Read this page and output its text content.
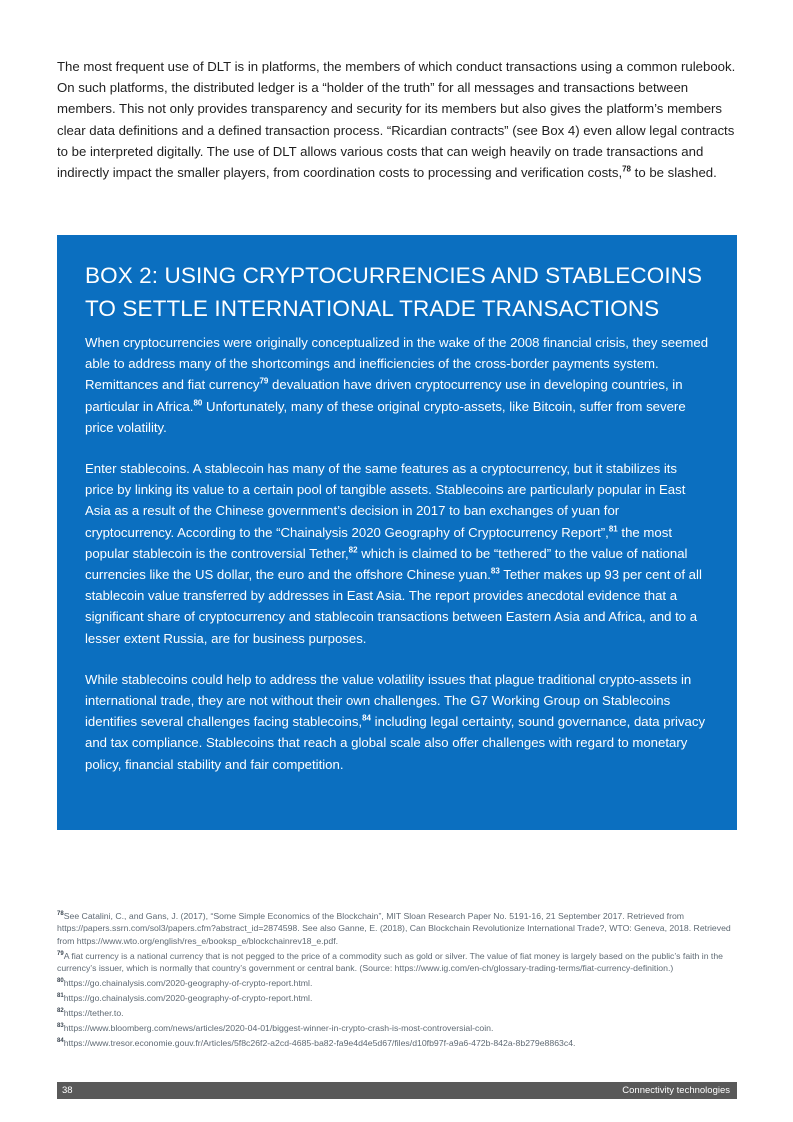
The most frequent use of DLT is in platforms, the members of which conduct transactions using a common rulebook. On such platforms, the distributed ledger is a “holder of the truth” for all messages and transactions between members. This not only provides transparency and security for its members but also gives the platform’s members clear data definitions and a defined transaction process. “Ricardian contracts” (see Box 4) even allow legal contracts to be interpreted digitally. The use of DLT allows various costs that can weigh heavily on trade transactions and indirectly impact the smaller players, from coordination costs to processing and verification costs,$^{78}$ to be slashed.

BOX 2: USING CRYPTOCURRENCIES AND STABLECOINS TO SETTLE INTERNATIONAL TRADE TRANSACTIONS

When cryptocurrencies were originally conceptualized in the wake of the 2008 financial crisis, they seemed able to address many of the shortcomings and inefficiencies of the cross-border payments system. Remittances and fiat currency$^{79}$ devaluation have driven cryptocurrency use in developing countries, in particular in Africa.$^{80}$ Unfortunately, many of these original crypto-assets, like Bitcoin, suffer from severe price volatility.

Enter stablecoins. A stablecoin has many of the same features as a cryptocurrency, but it stabilizes its price by linking its value to a certain pool of tangible assets. Stablecoins are particularly popular in East Asia as a result of the Chinese government’s decision in 2017 to ban exchanges of yuan for cryptocurrency. According to the “Chainalysis 2020 Geography of Cryptocurrency Report”,$^{81}$ the most popular stablecoin is the controversial Tether,$^{82}$ which is claimed to be “tethered” to the value of national currencies like the US dollar, the euro and the offshore Chinese yuan.$^{83}$ Tether makes up 93 per cent of all stablecoin value transferred by addresses in East Asia. The report provides anecdotal evidence that a significant share of cryptocurrency and stablecoin transactions between Eastern Asia and Africa, and to a lesser extent Russia, are for business purposes.

While stablecoins could help to address the value volatility issues that plague traditional crypto-assets in international trade, they are not without their own challenges. The G7 Working Group on Stablecoins identifies several challenges facing stablecoins,$^{84}$ including legal certainty, sound governance, data privacy and tax compliance. Stablecoins that reach a global scale also offer challenges with regard to monetary policy, financial stability and fair competition.

$^{78}$See Catalini, C., and Gans, J. (2017), “Some Simple Economics of the Blockchain”, MIT Sloan Research Paper No. 5191-16, 21 September 2017. Retrieved from https://papers.ssrn.com/sol3/papers.cfm?abstract_id=2874598. See also Ganne, E. (2018), Can Blockchain Revolutionize International Trade?, WTO: Geneva, 2018. Retrieved from https://www.wto.org/english/res_e/booksp_e/blockchainrev18_e.pdf.
$^{79}$A fiat currency is a national currency that is not pegged to the price of a commodity such as gold or silver. The value of fiat money is largely based on the public’s faith in the currency’s issuer, which is normally that country’s government or central bank. (Source: https://www.ig.com/en-ch/glossary-trading-terms/fiat-currency-definition.)
$^{80}$https://go.chainalysis.com/2020-geography-of-crypto-report.html.
$^{81}$https://go.chainalysis.com/2020-geography-of-crypto-report.html.
$^{82}$https://tether.to.
$^{83}$https://www.bloomberg.com/news/articles/2020-04-01/biggest-winner-in-crypto-crash-is-most-controversial-coin.
$^{84}$https://www.tresor.economie.gouv.fr/Articles/5f8c26f2-a2cd-4685-ba82-fa9e4d4e5d67/files/d10fb97f-a9a6-472b-842a-8b279e8863c4.
38	Connectivity technologies
